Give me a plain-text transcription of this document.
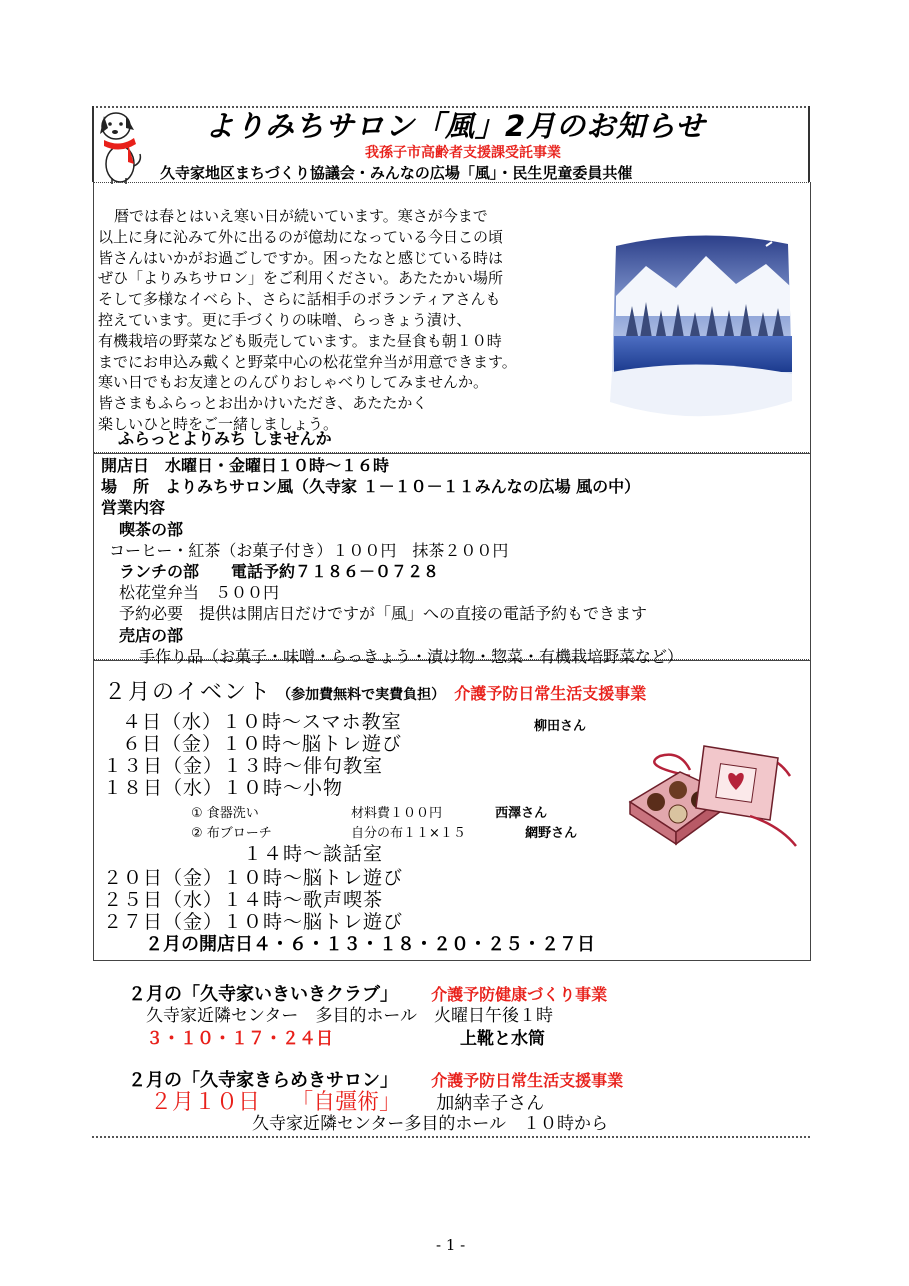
よりみちサロン「風」2月のお知らせ
我孫子市高齢者支援課受託事業
久寺家地区まちづくり協議会・みんなの広場「風」・民生児童委員共催
暦では春とはいえ寒い日が続いています。寒さが今まで
以上に身に沁みて外に出るのが億劫になっている今日この頃
皆さんはいかがお過ごしですか。困ったなと感じている時は
ぜひ「よりみちサロン」をご利用ください。あたたかい場所
そして多様なイベらト、さらに話相手のボランティアさんも
控えています。更に手づくりの味噌、らっきょう漬け、
有機栽培の野菜なども販売しています。また昼食も朝１０時
までにお申込み戴くと野菜中心の松花堂弁当が用意できます。
寒い日でもお友達とのんびりおしゃべりしてみませんか。
皆さまもふらっとお出かけいただき、あたたかく
楽しいひと時をご一緒しましょう。
ふらっとよりみち しませんか
開店日　水曜日・金曜日１０時～１６時
場　所　よりみちサロン風（久寺家 １－１０－１１みんなの広場 風の中）
営業内容
喫茶の部
コーヒー・紅茶（お菓子付き）１００円　抹茶２００円
ランチの部　　電話予約７１８６－０７２８
松花堂弁当　５００円
予約必要　提供は開店日だけですが「風」への直接の電話予約もできます
売店の部
手作り品（お菓子・味噌・らっきょう・漬け物・惣菜・有機栽培野菜など）
２月のイベント （参加費無料で実費負担） 介護予防日常生活支援事業
４日（水）１０時～スマホ教室	柳田さん
６日（金）１０時～脳トレ遊び
１３日（金）１３時～俳句教室
１８日（水）１０時～小物
① 食器洗い	材料費１００円	西澤さん
② 布ブローチ	自分の布１１×１５	網野さん
１４時～談話室
２０日（金）１０時～脳トレ遊び
２５日（水）１４時～歌声喫茶
２７日（金）１０時～脳トレ遊び
２月の開店日４・６・１３・１８・２０・２５・２７日
２月の「久寺家いきいきクラブ」 介護予防健康づくり事業
久寺家近隣センター　多目的ホール　火曜日午後１時
３・１０・１７・２４日	上靴と水筒
２月の「久寺家きらめきサロン」 介護予防日常生活支援事業
２月１０日 「自彊術」 加納幸子さん
久寺家近隣センター多目的ホール　１０時から
- 1 -
